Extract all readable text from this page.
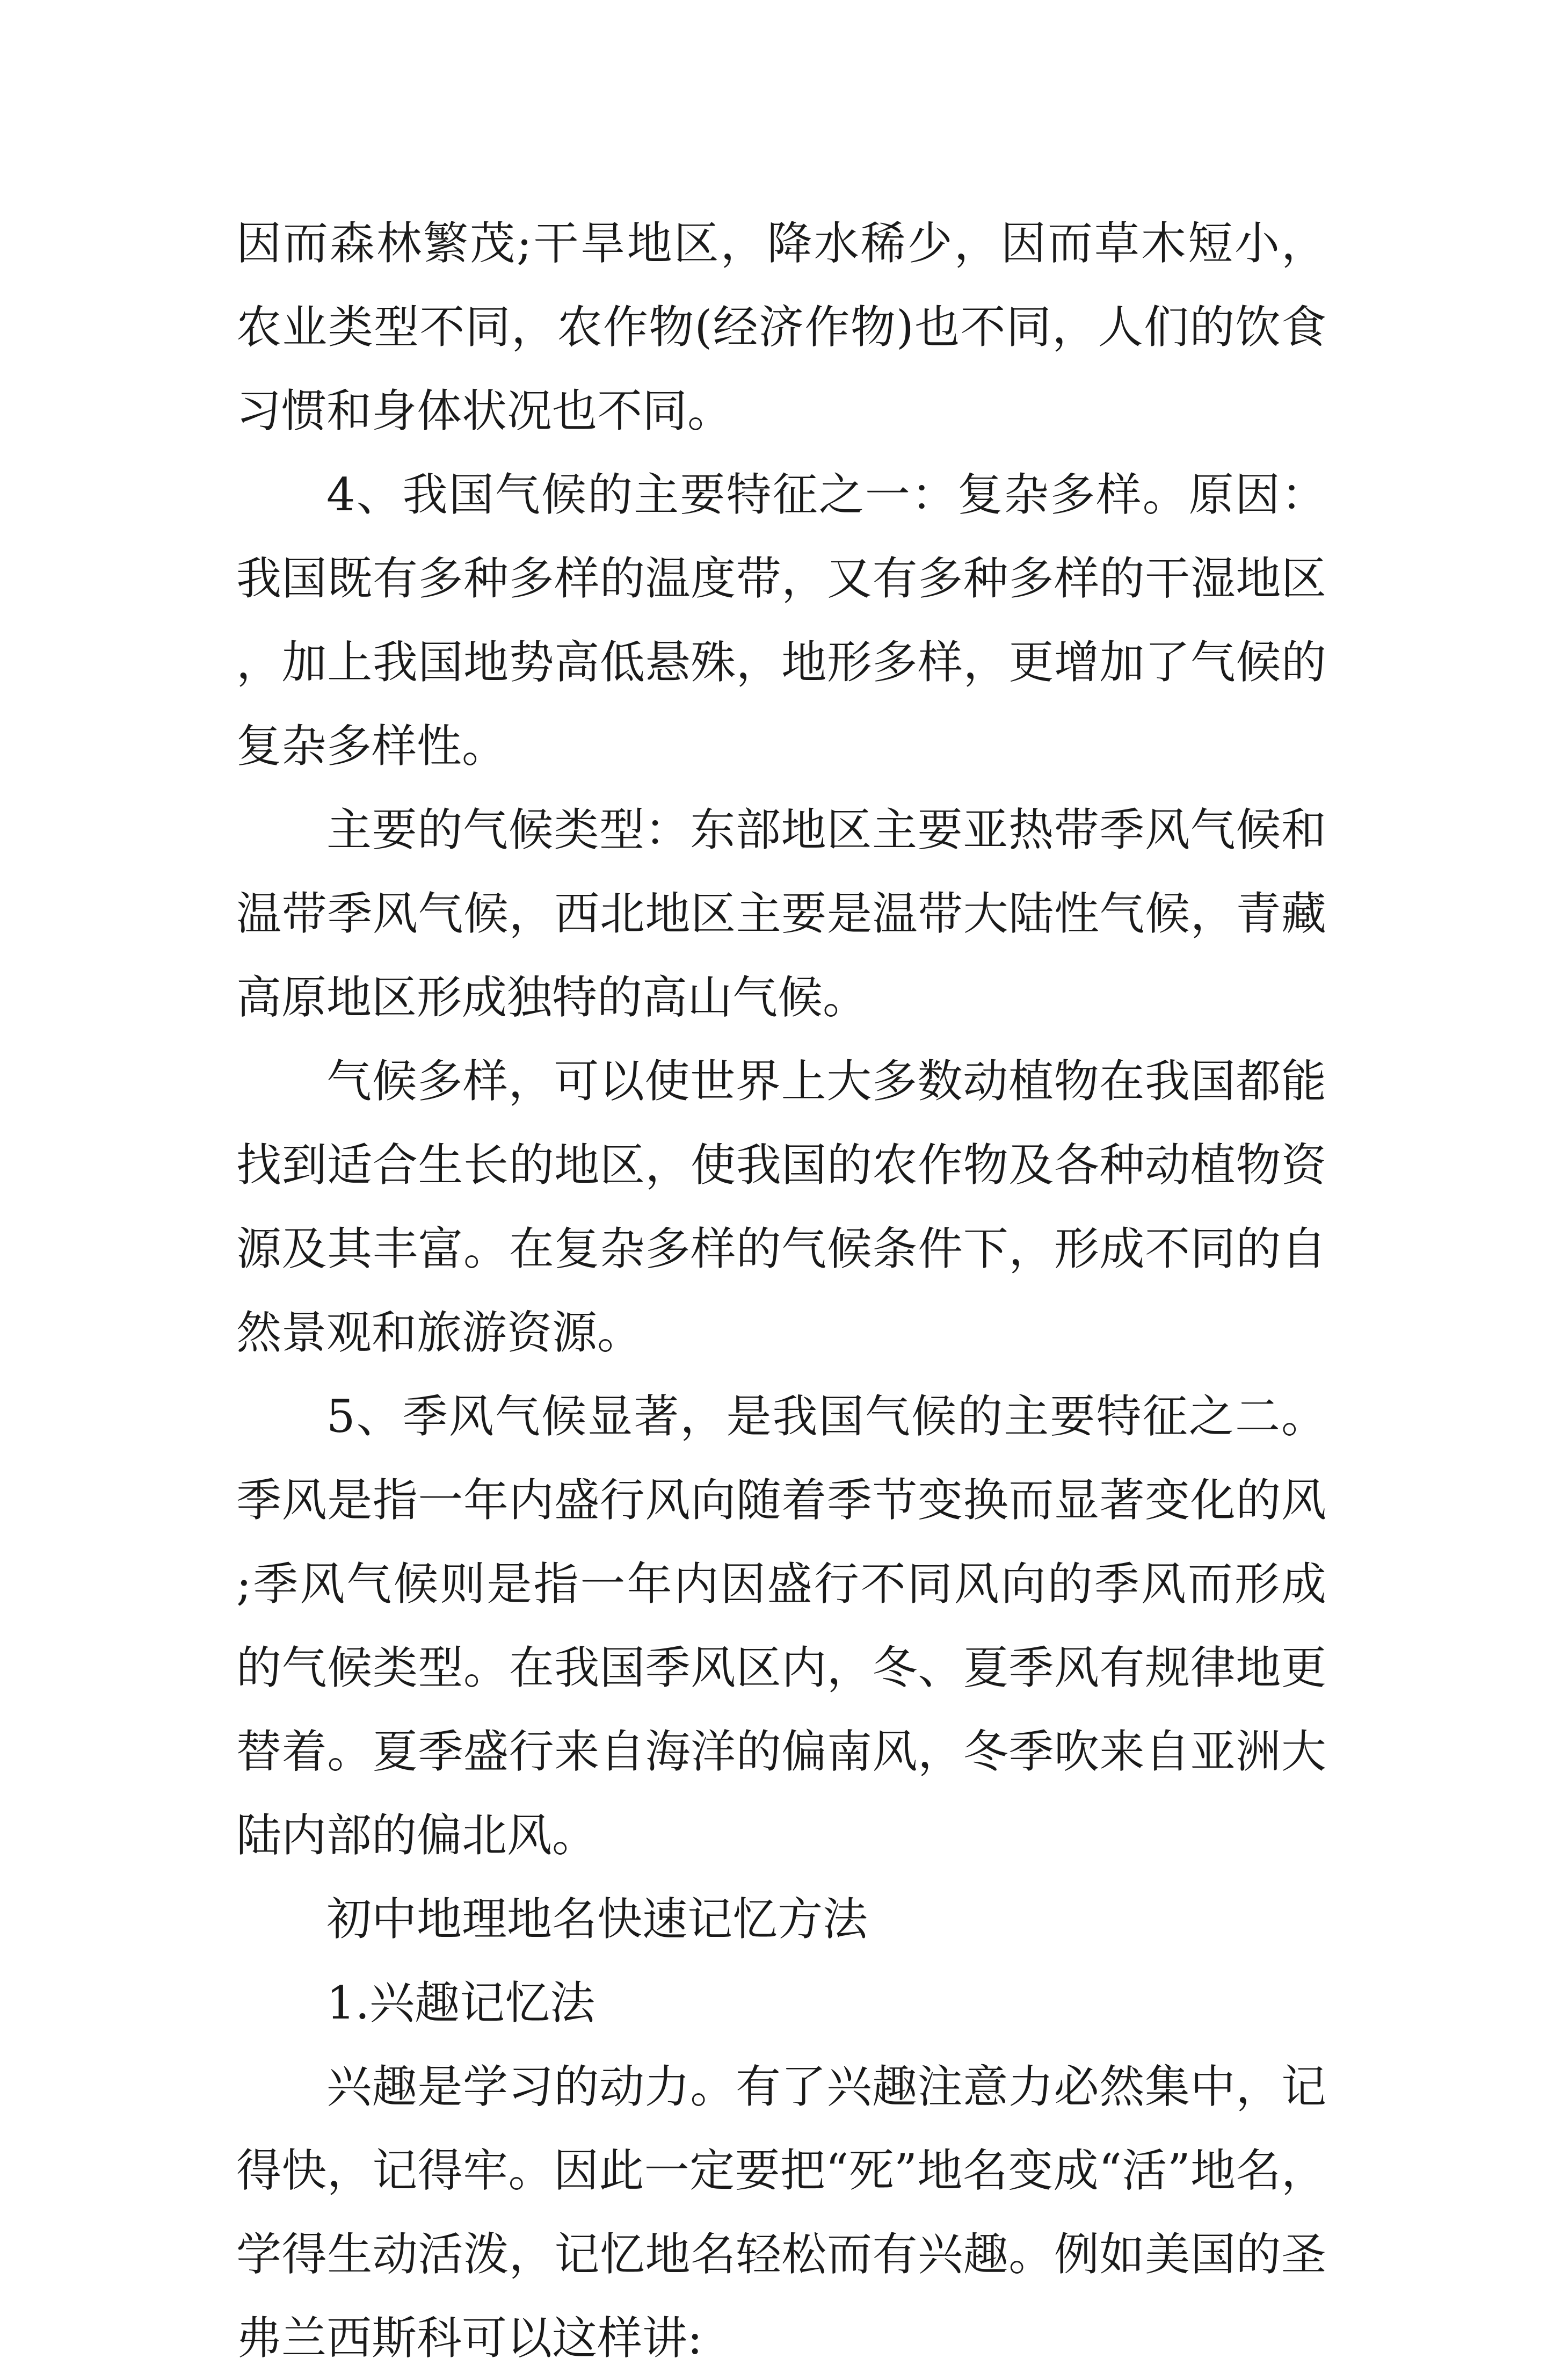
因而森林繁茂;干旱地区，降水稀少，因而草木短小，农业类型不同，农作物(经济作物)也不同，人们的饮食习惯和身体状况也不同。

4、我国气候的主要特征之一：复杂多样。原因：我国既有多种多样的温度带，又有多种多样的干湿地区，加上我国地势高低悬殊，地形多样，更增加了气候的复杂多样性。

主要的气候类型：东部地区主要亚热带季风气候和温带季风气候，西北地区主要是温带大陆性气候，青藏高原地区形成独特的高山气候。

气候多样，可以使世界上大多数动植物在我国都能找到适合生长的地区，使我国的农作物及各种动植物资源及其丰富。在复杂多样的气候条件下，形成不同的自然景观和旅游资源。

5、季风气候显著，是我国气候的主要特征之二。季风是指一年内盛行风向随着季节变换而显著变化的风;季风气候则是指一年内因盛行不同风向的季风而形成的气候类型。在我国季风区内，冬、夏季风有规律地更替着。夏季盛行来自海洋的偏南风，冬季吹来自亚洲大陆内部的偏北风。

初中地理地名快速记忆方法

1.兴趣记忆法

兴趣是学习的动力。有了兴趣注意力必然集中，记得快，记得牢。因此一定要把“死”地名变成“活”地名，学得生动活泼，记忆地名轻松而有兴趣。例如美国的圣弗兰西斯科可以这样讲:
